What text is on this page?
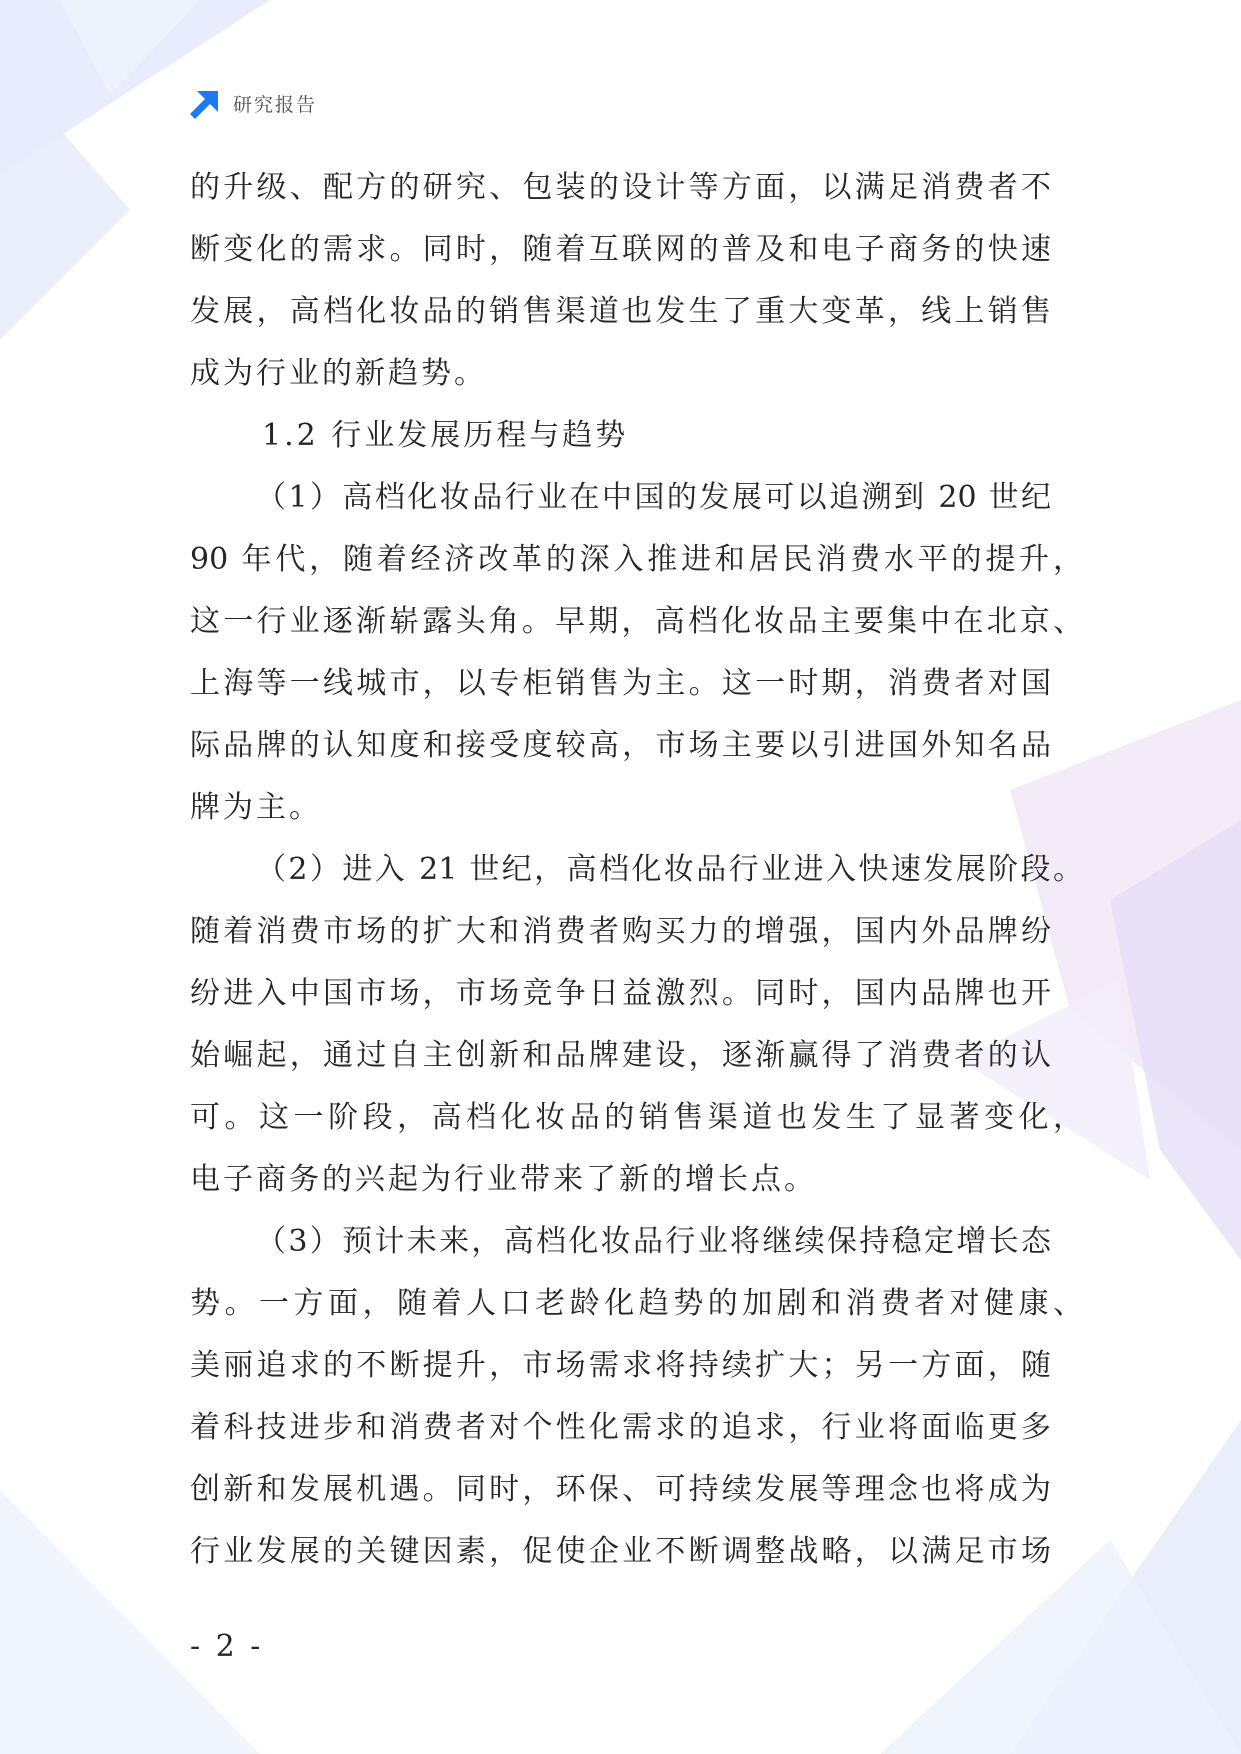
研究报告
的升级、配方的研究、包装的设计等方面，以满足消费者不
断变化的需求。同时，随着互联网的普及和电子商务的快速
发展，高档化妆品的销售渠道也发生了重大变革，线上销售
成为行业的新趋势。
1.2 行业发展历程与趋势
（1）高档化妆品行业在中国的发展可以追溯到 20 世纪
90 年代，随着经济改革的深入推进和居民消费水平的提升，
这一行业逐渐崭露头角。早期，高档化妆品主要集中在北京、
上海等一线城市，以专柜销售为主。这一时期，消费者对国
际品牌的认知度和接受度较高，市场主要以引进国外知名品
牌为主。
（2）进入 21 世纪，高档化妆品行业进入快速发展阶段。
随着消费市场的扩大和消费者购买力的增强，国内外品牌纷
纷进入中国市场，市场竞争日益激烈。同时，国内品牌也开
始崛起，通过自主创新和品牌建设，逐渐赢得了消费者的认
可。这一阶段，高档化妆品的销售渠道也发生了显著变化，
电子商务的兴起为行业带来了新的增长点。
（3）预计未来，高档化妆品行业将继续保持稳定增长态
势。一方面，随着人口老龄化趋势的加剧和消费者对健康、
美丽追求的不断提升，市场需求将持续扩大；另一方面，随
着科技进步和消费者对个性化需求的追求，行业将面临更多
创新和发展机遇。同时，环保、可持续发展等理念也将成为
行业发展的关键因素，促使企业不断调整战略，以满足市场
- 2 -
